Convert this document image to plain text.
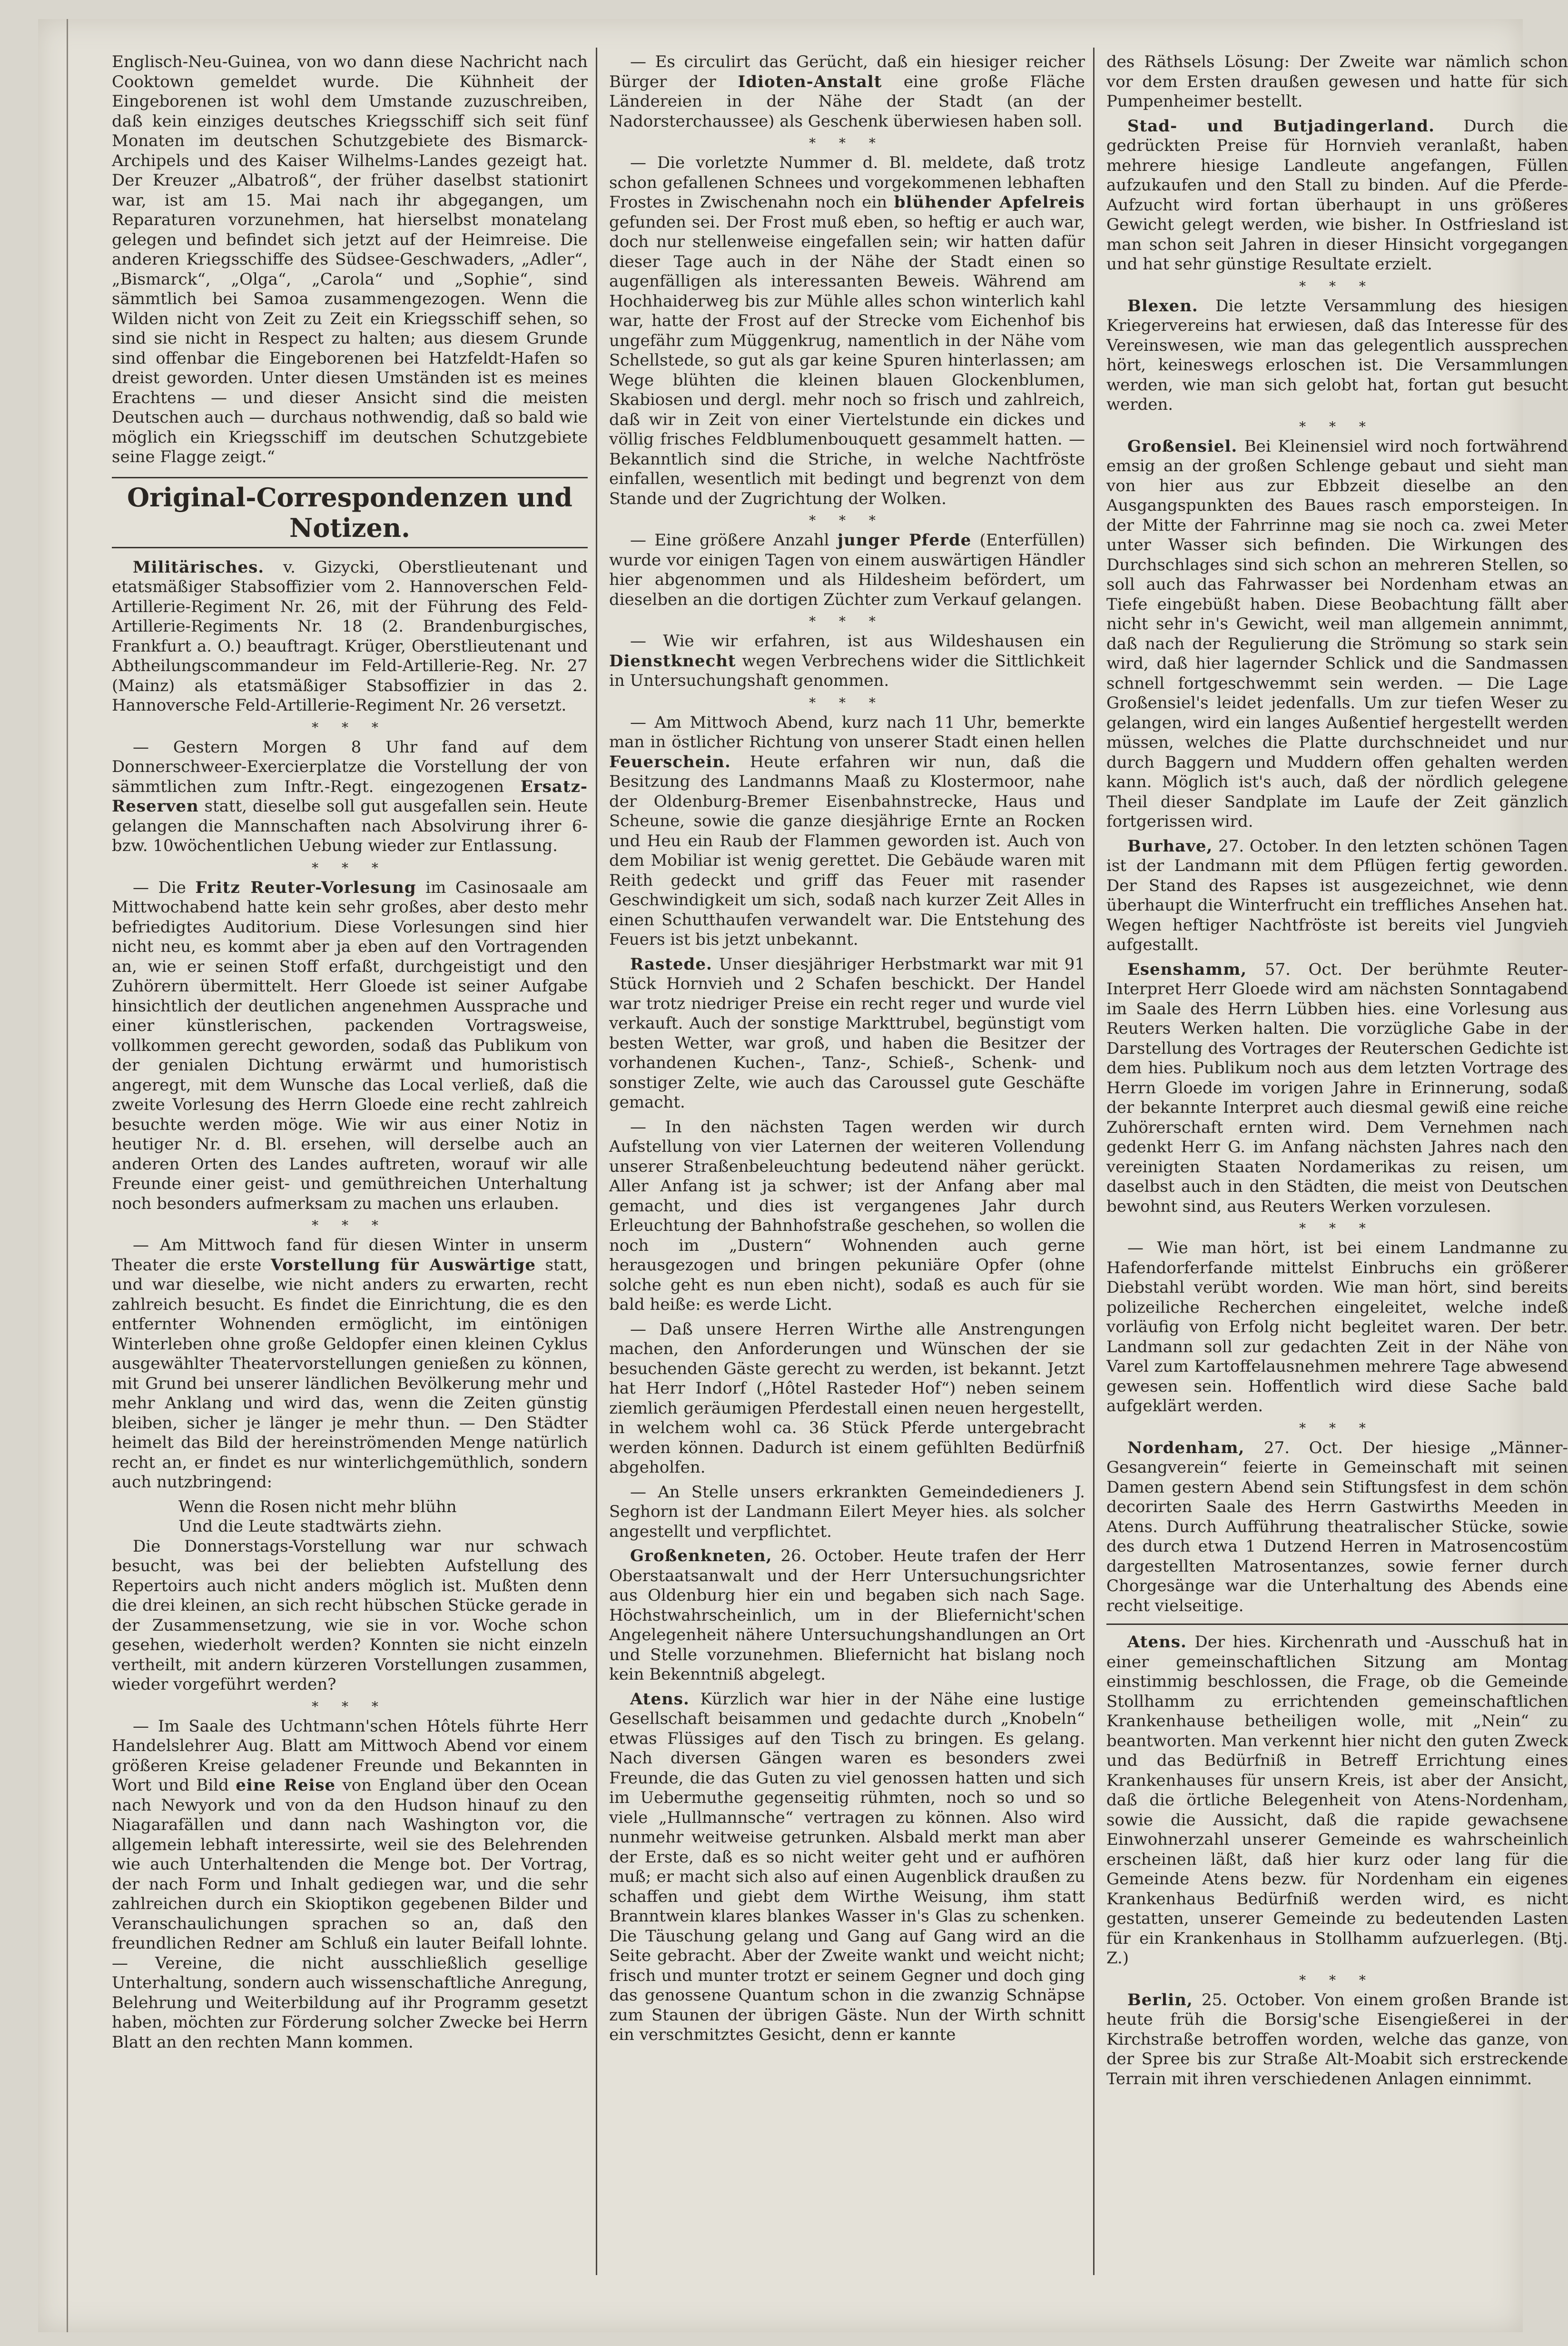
Englisch-Neu-Guinea, von wo dann diese Nachricht nach Cooktown gemeldet wurde. Die Kühnheit der Eingeborenen ist wohl dem Umstande zuzuschreiben, daß kein einziges deutsches Kriegsschiff sich seit fünf Monaten im deutschen Schutzgebiete des Bismarck-Archipels und des Kaiser Wilhelms-Landes gezeigt hat. Der Kreuzer „Albatroß“, der früher daselbst stationirt war, ist am 15. Mai nach ihr abgegangen, um Reparaturen vorzunehmen, hat hierselbst monatelang gelegen und befindet sich jetzt auf der Heimreise. Die anderen Kriegsschiffe des Südsee-Geschwaders, „Adler“, „Bismarck“, „Olga“, „Carola“ und „Sophie“, sind sämmtlich bei Samoa zusammengezogen. Wenn die Wilden nicht von Zeit zu Zeit ein Kriegsschiff sehen, so sind sie nicht in Respect zu halten; aus diesem Grunde sind offenbar die Eingeborenen bei Hatzfeldt-Hafen so dreist geworden. Unter diesen Umständen ist es meines Erachtens — und dieser Ansicht sind die meisten Deutschen auch — durchaus nothwendig, daß so bald wie möglich ein Kriegsschiff im deutschen Schutzgebiete seine Flagge zeigt.“

Original-Correspondenzen und Notizen.

Militärisches. v. Gizycki, Oberstlieutenant und etatsmäßiger Stabsoffizier vom 2. Hannoverschen Feld-Artillerie-Regiment Nr. 26, mit der Führung des Feld-Artillerie-Regiments Nr. 18 (2. Brandenburgisches, Frankfurt a. O.) beauftragt. Krüger, Oberstlieutenant und Abtheilungscommandeur im Feld-Artillerie-Reg. Nr. 27 (Mainz) als etatsmäßiger Stabsoffizier in das 2. Hannoversche Feld-Artillerie-Regiment Nr. 26 versetzt.

* * *

— Gestern Morgen 8 Uhr fand auf dem Donnerschweer-Exercierplatze die Vorstellung der von sämmtlichen zum Inftr.-Regt. eingezogenen Ersatz-Reserven statt, dieselbe soll gut ausgefallen sein. Heute gelangen die Mannschaften nach Absolvirung ihrer 6- bzw. 10wöchentlichen Uebung wieder zur Entlassung.

* * *

— Die Fritz Reuter-Vorlesung im Casinosaale am Mittwochabend hatte kein sehr großes, aber desto mehr befriedigtes Auditorium. Diese Vorlesungen sind hier nicht neu, es kommt aber ja eben auf den Vortragenden an, wie er seinen Stoff erfaßt, durchgeistigt und den Zuhörern übermittelt. Herr Gloede ist seiner Aufgabe hinsichtlich der deutlichen angenehmen Aussprache und einer künstlerischen, packenden Vortragsweise, vollkommen gerecht geworden, sodaß das Publikum von der genialen Dichtung erwärmt und humoristisch angeregt, mit dem Wunsche das Local verließ, daß die zweite Vorlesung des Herrn Gloede eine recht zahlreich besuchte werden möge. Wie wir aus einer Notiz in heutiger Nr. d. Bl. ersehen, will derselbe auch an anderen Orten des Landes auftreten, worauf wir alle Freunde einer geist- und gemüthreichen Unterhaltung noch besonders aufmerksam zu machen uns erlauben.

* * *

— Am Mittwoch fand für diesen Winter in unserm Theater die erste Vorstellung für Auswärtige statt, und war dieselbe, wie nicht anders zu erwarten, recht zahlreich besucht. Es findet die Einrichtung, die es den entfernter Wohnenden ermöglicht, im eintönigen Winterleben ohne große Geldopfer einen kleinen Cyklus ausgewählter Theatervorstellungen genießen zu können, mit Grund bei unserer ländlichen Bevölkerung mehr und mehr Anklang und wird das, wenn die Zeiten günstig bleiben, sicher je länger je mehr thun. — Den Städter heimelt das Bild der hereinströmenden Menge natürlich recht an, er findet es nur winterlichgemüthlich, sondern auch nutzbringend:

Wenn die Rosen nicht mehr blühn

Und die Leute stadtwärts ziehn.

Die Donnerstags-Vorstellung war nur schwach besucht, was bei der beliebten Aufstellung des Repertoirs auch nicht anders möglich ist. Mußten denn die drei kleinen, an sich recht hübschen Stücke gerade in der Zusammensetzung, wie sie in vor. Woche schon gesehen, wiederholt werden? Konnten sie nicht einzeln vertheilt, mit andern kürzeren Vorstellungen zusammen, wieder vorgeführt werden?

* * *

— Im Saale des Uchtmann'schen Hôtels führte Herr Handelslehrer Aug. Blatt am Mittwoch Abend vor einem größeren Kreise geladener Freunde und Bekannten in Wort und Bild eine Reise von England über den Ocean nach Newyork und von da den Hudson hinauf zu den Niagarafällen und dann nach Washington vor, die allgemein lebhaft interessirte, weil sie des Belehrenden wie auch Unterhaltenden die Menge bot. Der Vortrag, der nach Form und Inhalt gediegen war, und die sehr zahlreichen durch ein Skioptikon gegebenen Bilder und Veranschaulichungen sprachen so an, daß den freundlichen Redner am Schluß ein lauter Beifall lohnte. — Vereine, die nicht ausschließlich gesellige Unterhaltung, sondern auch wissenschaftliche Anregung, Belehrung und Weiterbildung auf ihr Programm gesetzt haben, möchten zur Förderung solcher Zwecke bei Herrn Blatt an den rechten Mann kommen.

— Es circulirt das Gerücht, daß ein hiesiger reicher Bürger der Idioten-Anstalt eine große Fläche Ländereien in der Nähe der Stadt (an der Nadorsterchaussee) als Geschenk überwiesen haben soll.

* * *

— Die vorletzte Nummer d. Bl. meldete, daß trotz schon gefallenen Schnees und vorgekommenen lebhaften Frostes in Zwischenahn noch ein blühender Apfelreis gefunden sei. Der Frost muß eben, so heftig er auch war, doch nur stellenweise eingefallen sein; wir hatten dafür dieser Tage auch in der Nähe der Stadt einen so augenfälligen als interessanten Beweis. Während am Hochhaiderweg bis zur Mühle alles schon winterlich kahl war, hatte der Frost auf der Strecke vom Eichenhof bis ungefähr zum Müggenkrug, namentlich in der Nähe vom Schellstede, so gut als gar keine Spuren hinterlassen; am Wege blühten die kleinen blauen Glockenblumen, Skabiosen und dergl. mehr noch so frisch und zahlreich, daß wir in Zeit von einer Viertelstunde ein dickes und völlig frisches Feldblumenbouquett gesammelt hatten. — Bekanntlich sind die Striche, in welche Nachtfröste einfallen, wesentlich mit bedingt und begrenzt von dem Stande und der Zugrichtung der Wolken.

* * *

— Eine größere Anzahl junger Pferde (Enterfüllen) wurde vor einigen Tagen von einem auswärtigen Händler hier abgenommen und als Hildesheim befördert, um dieselben an die dortigen Züchter zum Verkauf gelangen.

* * *

— Wie wir erfahren, ist aus Wildeshausen ein Dienstknecht wegen Verbrechens wider die Sittlichkeit in Untersuchungshaft genommen.

* * *

— Am Mittwoch Abend, kurz nach 11 Uhr, bemerkte man in östlicher Richtung von unserer Stadt einen hellen Feuerschein. Heute erfahren wir nun, daß die Besitzung des Landmanns Maaß zu Klostermoor, nahe der Oldenburg-Bremer Eisenbahnstrecke, Haus und Scheune, sowie die ganze diesjährige Ernte an Rocken und Heu ein Raub der Flammen geworden ist. Auch von dem Mobiliar ist wenig gerettet. Die Gebäude waren mit Reith gedeckt und griff das Feuer mit rasender Geschwindigkeit um sich, sodaß nach kurzer Zeit Alles in einen Schutthaufen verwandelt war. Die Entstehung des Feuers ist bis jetzt unbekannt.

Rastede. Unser diesjähriger Herbstmarkt war mit 91 Stück Hornvieh und 2 Schafen beschickt. Der Handel war trotz niedriger Preise ein recht reger und wurde viel verkauft. Auch der sonstige Markttrubel, begünstigt vom besten Wetter, war groß, und haben die Besitzer der vorhandenen Kuchen-, Tanz-, Schieß-, Schenk- und sonstiger Zelte, wie auch das Caroussel gute Geschäfte gemacht.

— In den nächsten Tagen werden wir durch Aufstellung von vier Laternen der weiteren Vollendung unserer Straßenbeleuchtung bedeutend näher gerückt. Aller Anfang ist ja schwer; ist der Anfang aber mal gemacht, und dies ist vergangenes Jahr durch Erleuchtung der Bahnhofstraße geschehen, so wollen die noch im „Dustern“ Wohnenden auch gerne herausgezogen und bringen pekuniäre Opfer (ohne solche geht es nun eben nicht), sodaß es auch für sie bald heiße: es werde Licht.

— Daß unsere Herren Wirthe alle Anstrengungen machen, den Anforderungen und Wünschen der sie besuchenden Gäste gerecht zu werden, ist bekannt. Jetzt hat Herr Indorf („Hôtel Rasteder Hof“) neben seinem ziemlich geräumigen Pferdestall einen neuen hergestellt, in welchem wohl ca. 36 Stück Pferde untergebracht werden können. Dadurch ist einem gefühlten Bedürfniß abgeholfen.

— An Stelle unsers erkrankten Gemeindedieners J. Seghorn ist der Landmann Eilert Meyer hies. als solcher angestellt und verpflichtet.

Großenkneten, 26. October. Heute trafen der Herr Oberstaatsanwalt und der Herr Untersuchungsrichter aus Oldenburg hier ein und begaben sich nach Sage. Höchstwahrscheinlich, um in der Bliefernicht'schen Angelegenheit nähere Untersuchungshandlungen an Ort und Stelle vorzunehmen. Bliefernicht hat bislang noch kein Bekenntniß abgelegt.

Atens. Kürzlich war hier in der Nähe eine lustige Gesellschaft beisammen und gedachte durch „Knobeln“ etwas Flüssiges auf den Tisch zu bringen. Es gelang. Nach diversen Gängen waren es besonders zwei Freunde, die das Guten zu viel genossen hatten und sich im Uebermuthe gegenseitig rühmten, noch so und so viele „Hullmannsche“ vertragen zu können. Also wird nunmehr weitweise getrunken. Alsbald merkt man aber der Erste, daß es so nicht weiter geht und er aufhören muß; er macht sich also auf einen Augenblick draußen zu schaffen und giebt dem Wirthe Weisung, ihm statt Branntwein klares blankes Wasser in's Glas zu schenken. Die Täuschung gelang und Gang auf Gang wird an die Seite gebracht. Aber der Zweite wankt und weicht nicht; frisch und munter trotzt er seinem Gegner und doch ging das genossene Quantum schon in die zwanzig Schnäpse zum Staunen der übrigen Gäste. Nun der Wirth schnitt ein verschmitztes Gesicht, denn er kannte

des Räthsels Lösung: Der Zweite war nämlich schon vor dem Ersten draußen gewesen und hatte für sich Pumpenheimer bestellt.

Stad- und Butjadingerland. Durch die gedrückten Preise für Hornvieh veranlaßt, haben mehrere hiesige Landleute angefangen, Füllen aufzukaufen und den Stall zu binden. Auf die Pferde-Aufzucht wird fortan überhaupt in uns größeres Gewicht gelegt werden, wie bisher. In Ostfriesland ist man schon seit Jahren in dieser Hinsicht vorgegangen und hat sehr günstige Resultate erzielt.

* * *

Blexen. Die letzte Versammlung des hiesigen Kriegervereins hat erwiesen, daß das Interesse für des Vereinswesen, wie man das gelegentlich aussprechen hört, keineswegs erloschen ist. Die Versammlungen werden, wie man sich gelobt hat, fortan gut besucht werden.

* * *

Großensiel. Bei Kleinensiel wird noch fortwährend emsig an der großen Schlenge gebaut und sieht man von hier aus zur Ebbzeit dieselbe an den Ausgangspunkten des Baues rasch emporsteigen. In der Mitte der Fahrrinne mag sie noch ca. zwei Meter unter Wasser sich befinden. Die Wirkungen des Durchschlages sind sich schon an mehreren Stellen, so soll auch das Fahrwasser bei Nordenham etwas an Tiefe eingebüßt haben. Diese Beobachtung fällt aber nicht sehr in's Gewicht, weil man allgemein annimmt, daß nach der Regulierung die Strömung so stark sein wird, daß hier lagernder Schlick und die Sandmassen schnell fortgeschwemmt sein werden. — Die Lage Großensiel's leidet jedenfalls. Um zur tiefen Weser zu gelangen, wird ein langes Außentief hergestellt werden müssen, welches die Platte durchschneidet und nur durch Baggern und Muddern offen gehalten werden kann. Möglich ist's auch, daß der nördlich gelegene Theil dieser Sandplate im Laufe der Zeit gänzlich fortgerissen wird.

Burhave, 27. October. In den letzten schönen Tagen ist der Landmann mit dem Pflügen fertig geworden. Der Stand des Rapses ist ausgezeichnet, wie denn überhaupt die Winterfrucht ein treffliches Ansehen hat. Wegen heftiger Nachtfröste ist bereits viel Jungvieh aufgestallt.

Esenshamm, 57. Oct. Der berühmte Reuter-Interpret Herr Gloede wird am nächsten Sonntagabend im Saale des Herrn Lübben hies. eine Vorlesung aus Reuters Werken halten. Die vorzügliche Gabe in der Darstellung des Vortrages der Reuterschen Gedichte ist dem hies. Publikum noch aus dem letzten Vortrage des Herrn Gloede im vorigen Jahre in Erinnerung, sodaß der bekannte Interpret auch diesmal gewiß eine reiche Zuhörerschaft ernten wird. Dem Vernehmen nach gedenkt Herr G. im Anfang nächsten Jahres nach den vereinigten Staaten Nordamerikas zu reisen, um daselbst auch in den Städten, die meist von Deutschen bewohnt sind, aus Reuters Werken vorzulesen.

* * *

— Wie man hört, ist bei einem Landmanne zu Hafendorferfande mittelst Einbruchs ein größerer Diebstahl verübt worden. Wie man hört, sind bereits polizeiliche Recherchen eingeleitet, welche indeß vorläufig von Erfolg nicht begleitet waren. Der betr. Landmann soll zur gedachten Zeit in der Nähe von Varel zum Kartoffelausnehmen mehrere Tage abwesend gewesen sein. Hoffentlich wird diese Sache bald aufgeklärt werden.

* * *

Nordenham, 27. Oct. Der hiesige „Männer-Gesangverein“ feierte in Gemeinschaft mit seinen Damen gestern Abend sein Stiftungsfest in dem schön decorirten Saale des Herrn Gastwirths Meeden in Atens. Durch Aufführung theatralischer Stücke, sowie des durch etwa 1 Dutzend Herren in Matrosencostüm dargestellten Matrosentanzes, sowie ferner durch Chorgesänge war die Unterhaltung des Abends eine recht vielseitige.

Atens. Der hies. Kirchenrath und -Ausschuß hat in einer gemeinschaftlichen Sitzung am Montag einstimmig beschlossen, die Frage, ob die Gemeinde Stollhamm zu errichtenden gemeinschaftlichen Krankenhause betheiligen wolle, mit „Nein“ zu beantworten. Man verkennt hier nicht den guten Zweck und das Bedürfniß in Betreff Errichtung eines Krankenhauses für unsern Kreis, ist aber der Ansicht, daß die örtliche Belegenheit von Atens-Nordenham, sowie die Aussicht, daß die rapide gewachsene Einwohnerzahl unserer Gemeinde es wahrscheinlich erscheinen läßt, daß hier kurz oder lang für die Gemeinde Atens bezw. für Nordenham ein eigenes Krankenhaus Bedürfniß werden wird, es nicht gestatten, unserer Gemeinde zu bedeutenden Lasten für ein Krankenhaus in Stollhamm aufzuerlegen. (Btj. Z.)

* * *

Berlin, 25. October. Von einem großen Brande ist heute früh die Borsig'sche Eisengießerei in der Kirchstraße betroffen worden, welche das ganze, von der Spree bis zur Straße Alt-Moabit sich erstreckende Terrain mit ihren verschiedenen Anlagen einnimmt.
